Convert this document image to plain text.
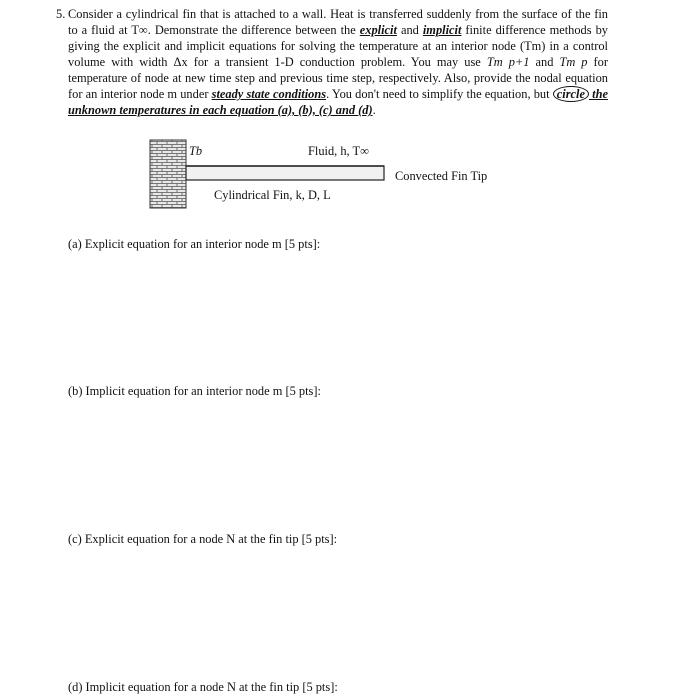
5. Consider a cylindrical fin that is attached to a wall. Heat is transferred suddenly from the surface of the fin to a fluid at T∞. Demonstrate the difference between the explicit and implicit finite difference methods by giving the explicit and implicit equations for solving the temperature at an interior node (Tm) in a control volume with width Δx for a transient 1-D conduction problem. You may use Tm p+1 and Tm p for temperature of node at new time step and previous time step, respectively. Also, provide the nodal equation for an interior node m under steady state conditions. You don't need to simplify the equation, but circle the unknown temperatures in each equation (a), (b), (c) and (d).
Tb	Fluid, h, T∞
Cylindrical Fin, k, D, L
Convected Fin Tip
(a) Explicit equation for an interior node m [5 pts]:
(b) Implicit equation for an interior node m [5 pts]:
(c) Explicit equation for a node N at the fin tip [5 pts]:
(d) Implicit equation for a node N at the fin tip [5 pts]:
